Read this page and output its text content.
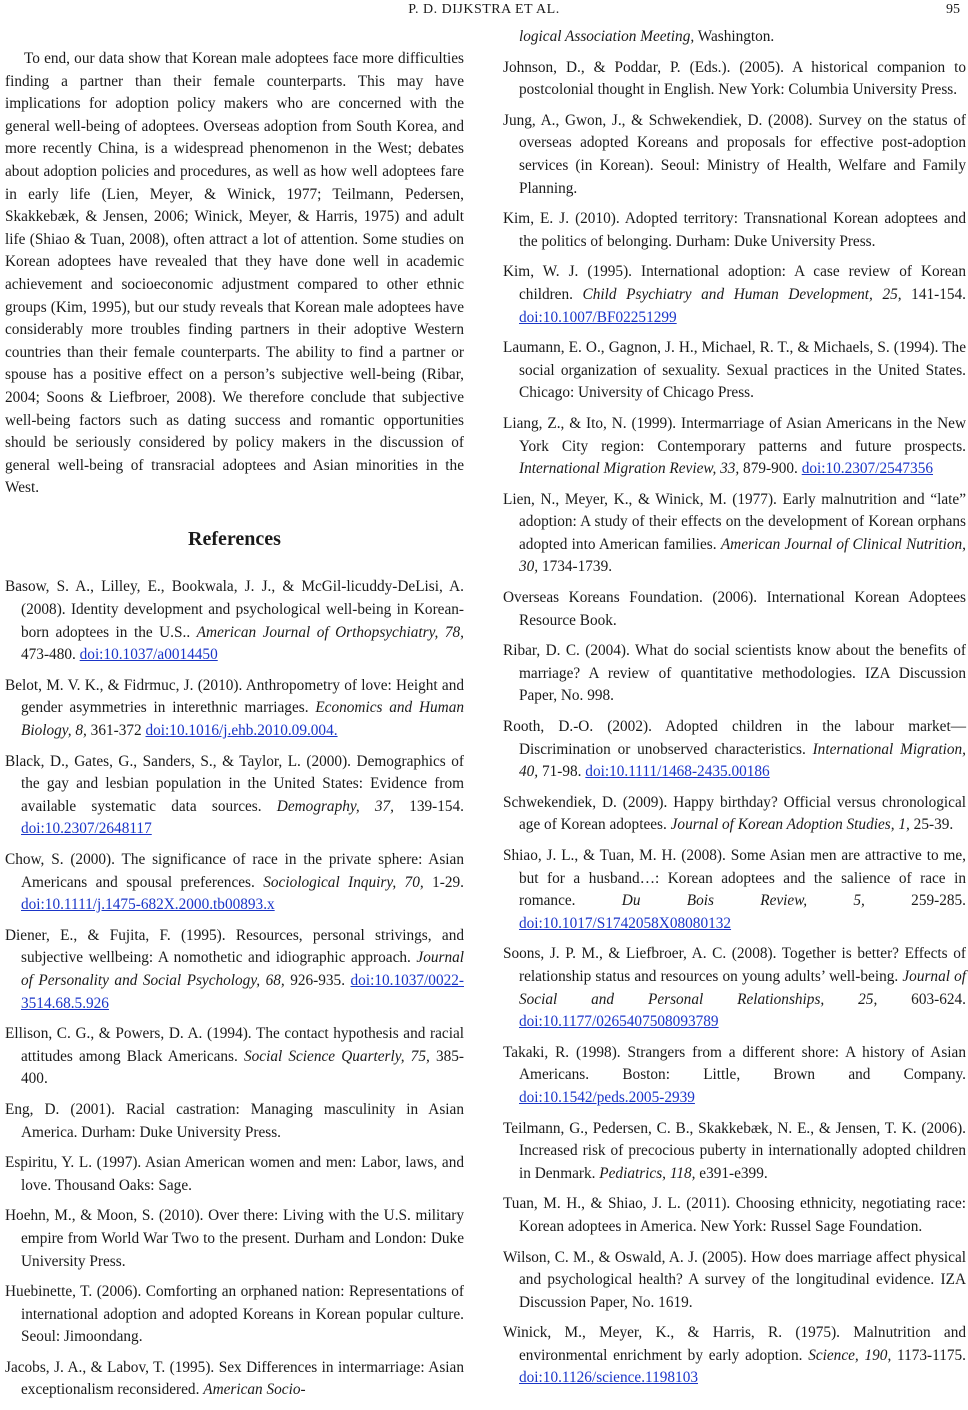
P. D. DIJKSTRA ET AL.	95

To end, our data show that Korean male adoptees face more difficulties finding a partner than their female counterparts. This may have implications for adoption policy makers who are concerned with the general well-being of adoptees. Overseas adoption from South Korea, and more recently China, is a widespread phenomenon in the West; debates about adoption policies and procedures, as well as how well adoptees fare in early life (Lien, Meyer, & Winick, 1977; Teilmann, Pedersen, Skakkebæk, & Jensen, 2006; Winick, Meyer, & Harris, 1975) and adult life (Shiao & Tuan, 2008), often attract a lot of attention. Some studies on Korean adoptees have revealed that they have done well in academic achievement and socioeconomic adjustment compared to other ethnic groups (Kim, 1995), but our study reveals that Korean male adoptees have considerably more troubles finding partners in their adoptive Western countries than their female counterparts. The ability to find a partner or spouse has a positive effect on a person’s subjective well-being (Ribar, 2004; Soons & Liefbroer, 2008). We therefore conclude that subjective well-being factors such as dating success and romantic opportunities should be seriously considered by policy makers in the discussion of general well-being of transracial adoptees and Asian minorities in the West.

References

Basow, S. A., Lilley, E., Bookwala, J. J., & McGil-licuddy-DeLisi, A. (2008). Identity development and psychological well-being in Korean-born adoptees in the U.S.. American Journal of Orthopsychiatry, 78, 473-480. doi:10.1037/a0014450

Belot, M. V. K., & Fidrmuc, J. (2010). Anthropometry of love: Height and gender asymmetries in interethnic marriages. Economics and Human Biology, 8, 361-372 doi:10.1016/j.ehb.2010.09.004.

Black, D., Gates, G., Sanders, S., & Taylor, L. (2000). Demographics of the gay and lesbian population in the United States: Evidence from available systematic data sources. Demography, 37, 139-154. doi:10.2307/2648117

Chow, S. (2000). The significance of race in the private sphere: Asian Americans and spousal preferences. Sociological Inquiry, 70, 1-29. doi:10.1111/j.1475-682X.2000.tb00893.x

Diener, E., & Fujita, F. (1995). Resources, personal strivings, and subjective wellbeing: A nomothetic and idiographic approach. Journal of Personality and Social Psychology, 68, 926-935. doi:10.1037/0022-3514.68.5.926

Ellison, C. G., & Powers, D. A. (1994). The contact hypothesis and racial attitudes among Black Americans. Social Science Quarterly, 75, 385-400.

Eng, D. (2001). Racial castration: Managing masculinity in Asian America. Durham: Duke University Press.

Espiritu, Y. L. (1997). Asian American women and men: Labor, laws, and love. Thousand Oaks: Sage.

Hoehn, M., & Moon, S. (2010). Over there: Living with the U.S. military empire from World War Two to the present. Durham and London: Duke University Press.

Huebinette, T. (2006). Comforting an orphaned nation: Representations of international adoption and adopted Koreans in Korean popular culture. Seoul: Jimoondang.

Jacobs, J. A., & Labov, T. (1995). Sex Differences in intermarriage: Asian exceptionalism reconsidered. American Socio-

logical Association Meeting, Washington.

Johnson, D., & Poddar, P. (Eds.). (2005). A historical companion to postcolonial thought in English. New York: Columbia University Press.

Jung, A., Gwon, J., & Schwekendiek, D. (2008). Survey on the status of overseas adopted Koreans and proposals for effective post-adoption services (in Korean). Seoul: Ministry of Health, Welfare and Family Planning.

Kim, E. J. (2010). Adopted territory: Transnational Korean adoptees and the politics of belonging. Durham: Duke University Press.

Kim, W. J. (1995). International adoption: A case review of Korean children. Child Psychiatry and Human Development, 25, 141-154. doi:10.1007/BF02251299

Laumann, E. O., Gagnon, J. H., Michael, R. T., & Michaels, S. (1994). The social organization of sexuality. Sexual practices in the United States. Chicago: University of Chicago Press.

Liang, Z., & Ito, N. (1999). Intermarriage of Asian Americans in the New York City region: Contemporary patterns and future prospects. International Migration Review, 33, 879-900. doi:10.2307/2547356

Lien, N., Meyer, K., & Winick, M. (1977). Early malnutrition and “late” adoption: A study of their effects on the development of Korean orphans adopted into American families. American Journal of Clinical Nutrition, 30, 1734-1739.

Overseas Koreans Foundation. (2006). International Korean Adoptees Resource Book.

Ribar, D. C. (2004). What do social scientists know about the benefits of marriage? A review of quantitative methodologies. IZA Discussion Paper, No. 998.

Rooth, D.-O. (2002). Adopted children in the labour market—Discrimination or unobserved characteristics. International Migration, 40, 71-98. doi:10.1111/1468-2435.00186

Schwekendiek, D. (2009). Happy birthday? Official versus chronological age of Korean adoptees. Journal of Korean Adoption Studies, 1, 25-39.

Shiao, J. L., & Tuan, M. H. (2008). Some Asian men are attractive to me, but for a husband…: Korean adoptees and the salience of race in romance. Du Bois Review, 5, 259-285. doi:10.1017/S1742058X08080132

Soons, J. P. M., & Liefbroer, A. C. (2008). Together is better? Effects of relationship status and resources on young adults’ well-being. Journal of Social and Personal Relationships, 25, 603-624. doi:10.1177/0265407508093789

Takaki, R. (1998). Strangers from a different shore: A history of Asian Americans. Boston: Little, Brown and Company. doi:10.1542/peds.2005-2939

Teilmann, G., Pedersen, C. B., Skakkebæk, N. E., & Jensen, T. K. (2006). Increased risk of precocious puberty in internationally adopted children in Denmark. Pediatrics, 118, e391-e399.

Tuan, M. H., & Shiao, J. L. (2011). Choosing ethnicity, negotiating race: Korean adoptees in America. New York: Russel Sage Foundation.

Wilson, C. M., & Oswald, A. J. (2005). How does marriage affect physical and psychological health? A survey of the longitudinal evidence. IZA Discussion Paper, No. 1619.

Winick, M., Meyer, K., & Harris, R. (1975). Malnutrition and environmental enrichment by early adoption. Science, 190, 1173-1175. doi:10.1126/science.1198103
